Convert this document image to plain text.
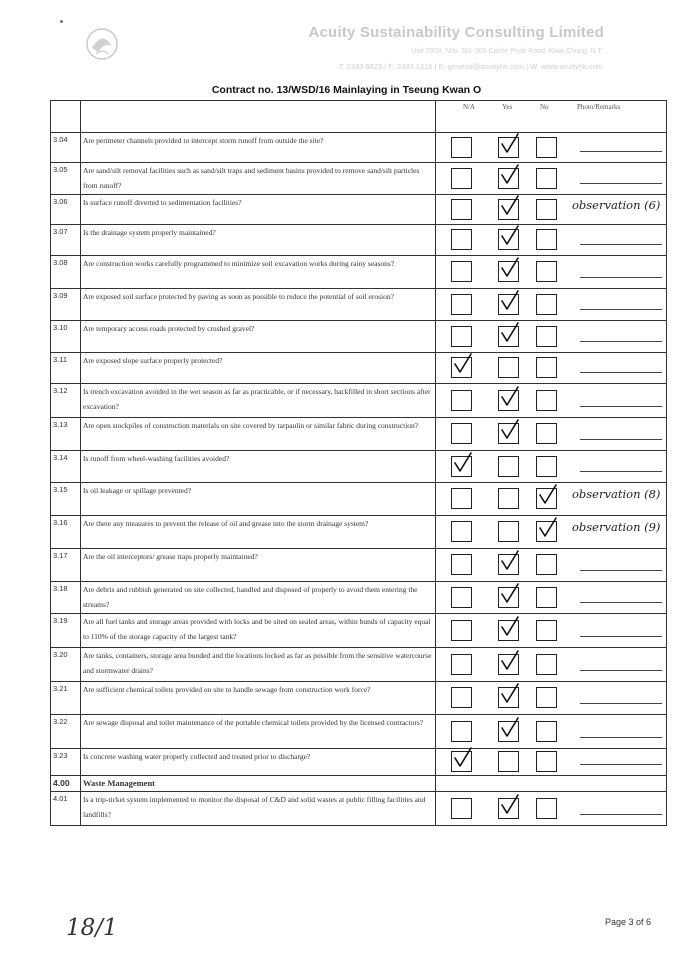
Acuity Sustainability Consulting Limited
Unit 7908, Nov. 301-305 Castle Peak Road, Kwai Chung, N.T.
T: 2333 6823 | F: 2333 1316 | E: general@acuityhk.com | W: www.acuityhk.com
Contract no. 13/WSD/16 Mainlaying in Tseung Kwan O

		N/A Yes No Photo/Remarks

3.04	Are perimeter channels provided to intercept storm runoff from outside the site?	

3.05	Are sand/silt removal facilities such as sand/silt traps and sediment basins provided to remove sand/silt particles from runoff?	

3.06	Is surface runoff diverted to sedimentation facilities?	observation (6)

3.07	Is the drainage system properly maintained?	

3.08	Are construction works carefully programmed to minimize soil excavation works during rainy seasons?	

3.09	Are exposed soil surface protected by paving as soon as possible to reduce the potential of soil erosion?	

3.10	Are temporary access roads protected by crushed gravel?	

3.11	Are exposed slope surface properly protected?	

3.12	Is trench excavation avoided in the wet season as far as practicable, or if necessary, backfilled in short sections after excavation?	

3.13	Are open stockpiles of construction materials on site covered by tarpaulin or similar fabric during construction?	

3.14	Is runoff from wheel-washing facilities avoided?	

3.15	Is oil leakage or spillage prevented?	observation (8)

3.16	Are there any measures to prevent the release of oil and grease into the storm drainage system?	observation (9)

3.17	Are the oil interceptors/ grease traps properly maintained?	

3.18	Are debris and rubbish generated on site collected, handled and disposed of properly to avoid them entering the streams?	

3.19	Are all fuel tanks and storage areas provided with locks and be sited on sealed areas, within bunds of capacity equal to 110% of the storage capacity of the largest tank?	

3.20	Are tanks, containers, storage area bunded and the locations locked as far as possible from the sensitive watercourse and stormwater drains?	

3.21	Are sufficient chemical toilets provided on site to handle sewage from construction work force?	

3.22	Are sewage disposal and toilet maintenance of the portable chemical toilets provided by the licensed contractors?	

3.23	Is concrete washing water properly collected and treated prior to discharge?	

4.00	Waste Management	
4.01	Is a trip-ticket system implemented to monitor the disposal of C&D and solid wastes at public filling facilities and landfills?	
18/1	Page 3 of 6
